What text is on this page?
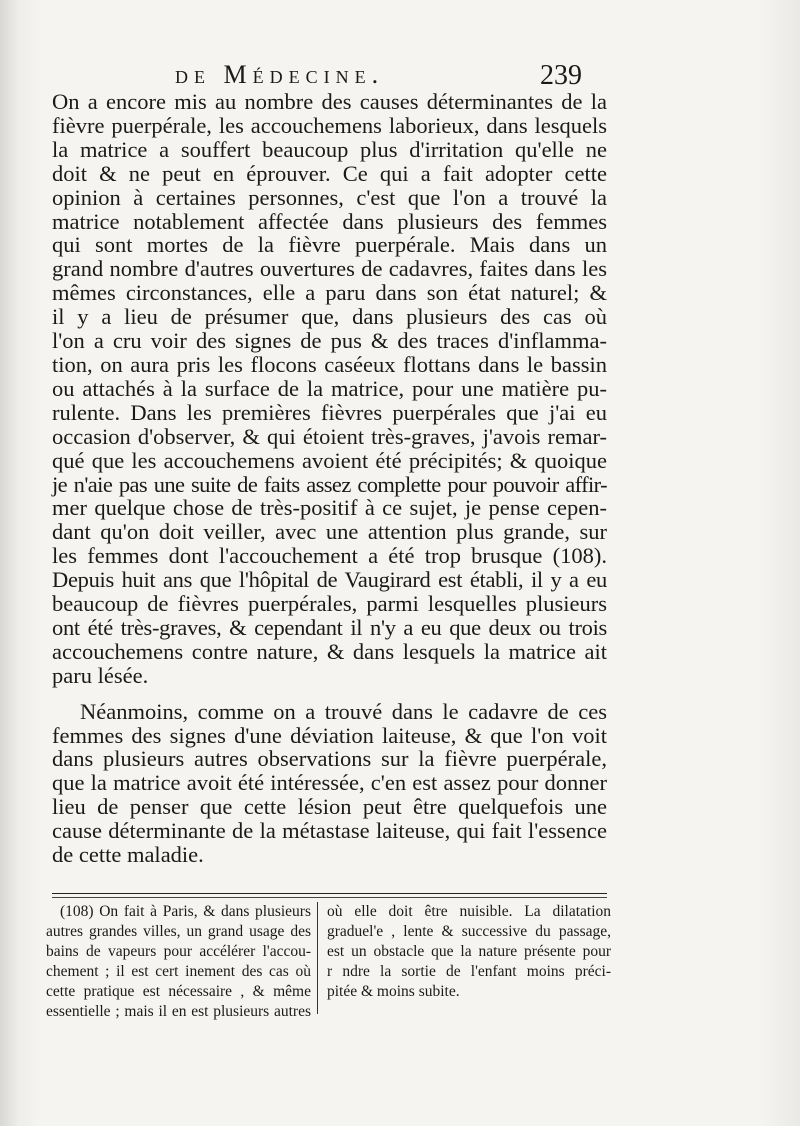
de Médecine.	239
On a encore mis au nombre des causes déterminantes de la
fièvre puerpérale, les accouchemens laborieux, dans lesquels
la matrice a souffert beaucoup plus d'irritation qu'elle ne
doit & ne peut en éprouver. Ce qui a fait adopter cette
opinion à certaines personnes, c'est que l'on a trouvé la
matrice notablement affectée dans plusieurs des femmes
qui sont mortes de la fièvre puerpérale. Mais dans un
grand nombre d'autres ouvertures de cadavres, faites dans les
mêmes circonstances, elle a paru dans son état naturel; &
il y a lieu de présumer que, dans plusieurs des cas où
l'on a cru voir des signes de pus & des traces d'inflamma-
tion, on aura pris les flocons caséeux flottans dans le bassin
ou attachés à la surface de la matrice, pour une matière pu-
rulente. Dans les premières fièvres puerpérales que j'ai eu
occasion d'observer, & qui étoient très-graves, j'avois remar-
qué que les accouchemens avoient été précipités; & quoique
je n'aie pas une suite de faits assez complette pour pouvoir affir-
mer quelque chose de très-positif à ce sujet, je pense cepen-
dant qu'on doit veiller, avec une attention plus grande, sur
les femmes dont l'accouchement a été trop brusque (108).
Depuis huit ans que l'hôpital de Vaugirard est établi, il y a eu
beaucoup de fièvres puerpérales, parmi lesquelles plusieurs
ont été très-graves, & cependant il n'y a eu que deux ou trois
accouchemens contre nature, & dans lesquels la matrice ait
paru lésée.
Néanmoins, comme on a trouvé dans le cadavre de ces
femmes des signes d'une déviation laiteuse, & que l'on voit
dans plusieurs autres observations sur la fièvre puerpérale,
que la matrice avoit été intéressée, c'en est assez pour donner
lieu de penser que cette lésion peut être quelquefois une
cause déterminante de la métastase laiteuse, qui fait l'essence
de cette maladie.
(108) On fait à Paris, & dans plusieurs
autres grandes villes, un grand usage des
bains de vapeurs pour accélérer l'accou-
chement ; il est cert inement des cas où
cette pratique est nécessaire , & même
essentielle ; mais il en est plusieurs autres
où elle doit être nuisible. La dilatation
graduel'e , lente & successive du passage,
est un obstacle que la nature présente pour
r ndre la sortie de l'enfant moins préci-
pitée & moins subite.
